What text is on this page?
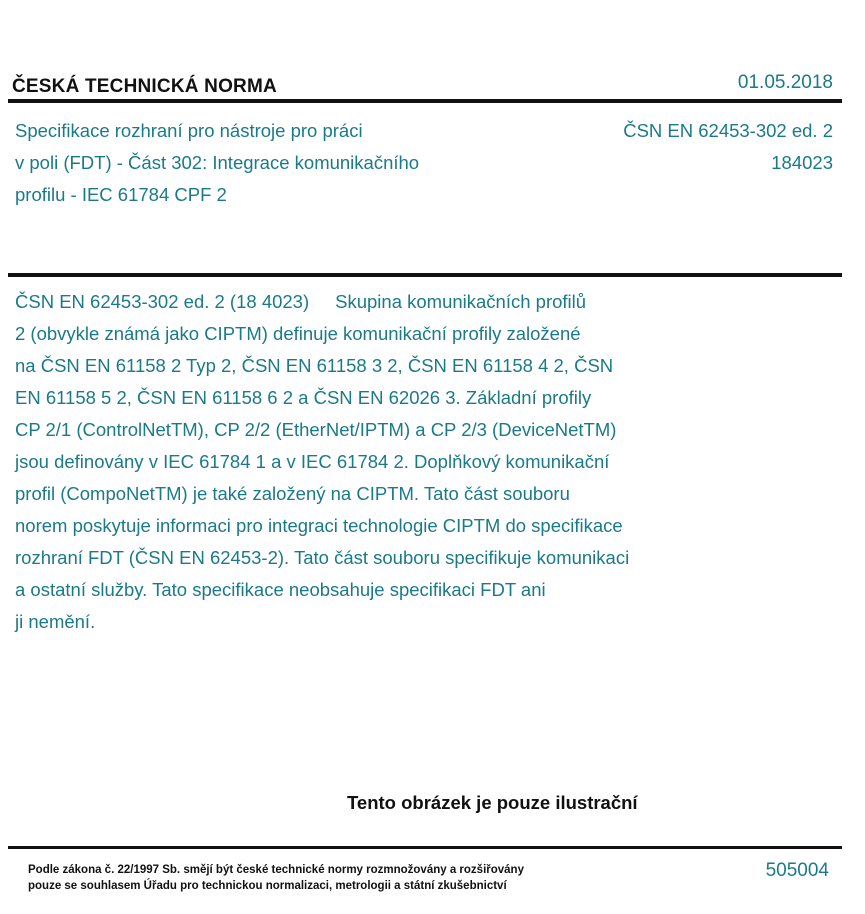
ČESKÁ TECHNICKÁ NORMA	01.05.2018
Specifikace rozhraní pro nástroje pro práci
v poli (FDT) - Část 302: Integrace komunikačního
profilu - IEC 61784 CPF 2
ČSN EN 62453-302 ed. 2
184023
ČSN EN 62453-302 ed. 2 (18 4023) Skupina komunikačních profilů
2 (obvykle známá jako CIPTM) definuje komunikační profily založené
na ČSN EN 61158 2 Typ 2, ČSN EN 61158 3 2, ČSN EN 61158 4 2, ČSN
EN 61158 5 2, ČSN EN 61158 6 2 a ČSN EN 62026 3. Základní profily
CP 2/1 (ControlNetTM), CP 2/2 (EtherNet/IPTM) a CP 2/3 (DeviceNetTM)
jsou definovány v IEC 61784 1 a v IEC 61784 2. Doplňkový komunikační
profil (CompoNetTM) je také založený na CIPTM. Tato část souboru
norem poskytuje informaci pro integraci technologie CIPTM do specifikace
rozhraní FDT (ČSN EN 62453-2). Tato část souboru specifikuje komunikaci
a ostatní služby. Tato specifikace neobsahuje specifikaci FDT ani
ji nemění.
Tento obrázek je pouze ilustrační
Podle zákona č. 22/1997 Sb. smějí být české technické normy rozmnožovány a rozšiřovány
pouze se souhlasem Úřadu pro technickou normalizaci, metrologii a státní zkušebnictví
505004
